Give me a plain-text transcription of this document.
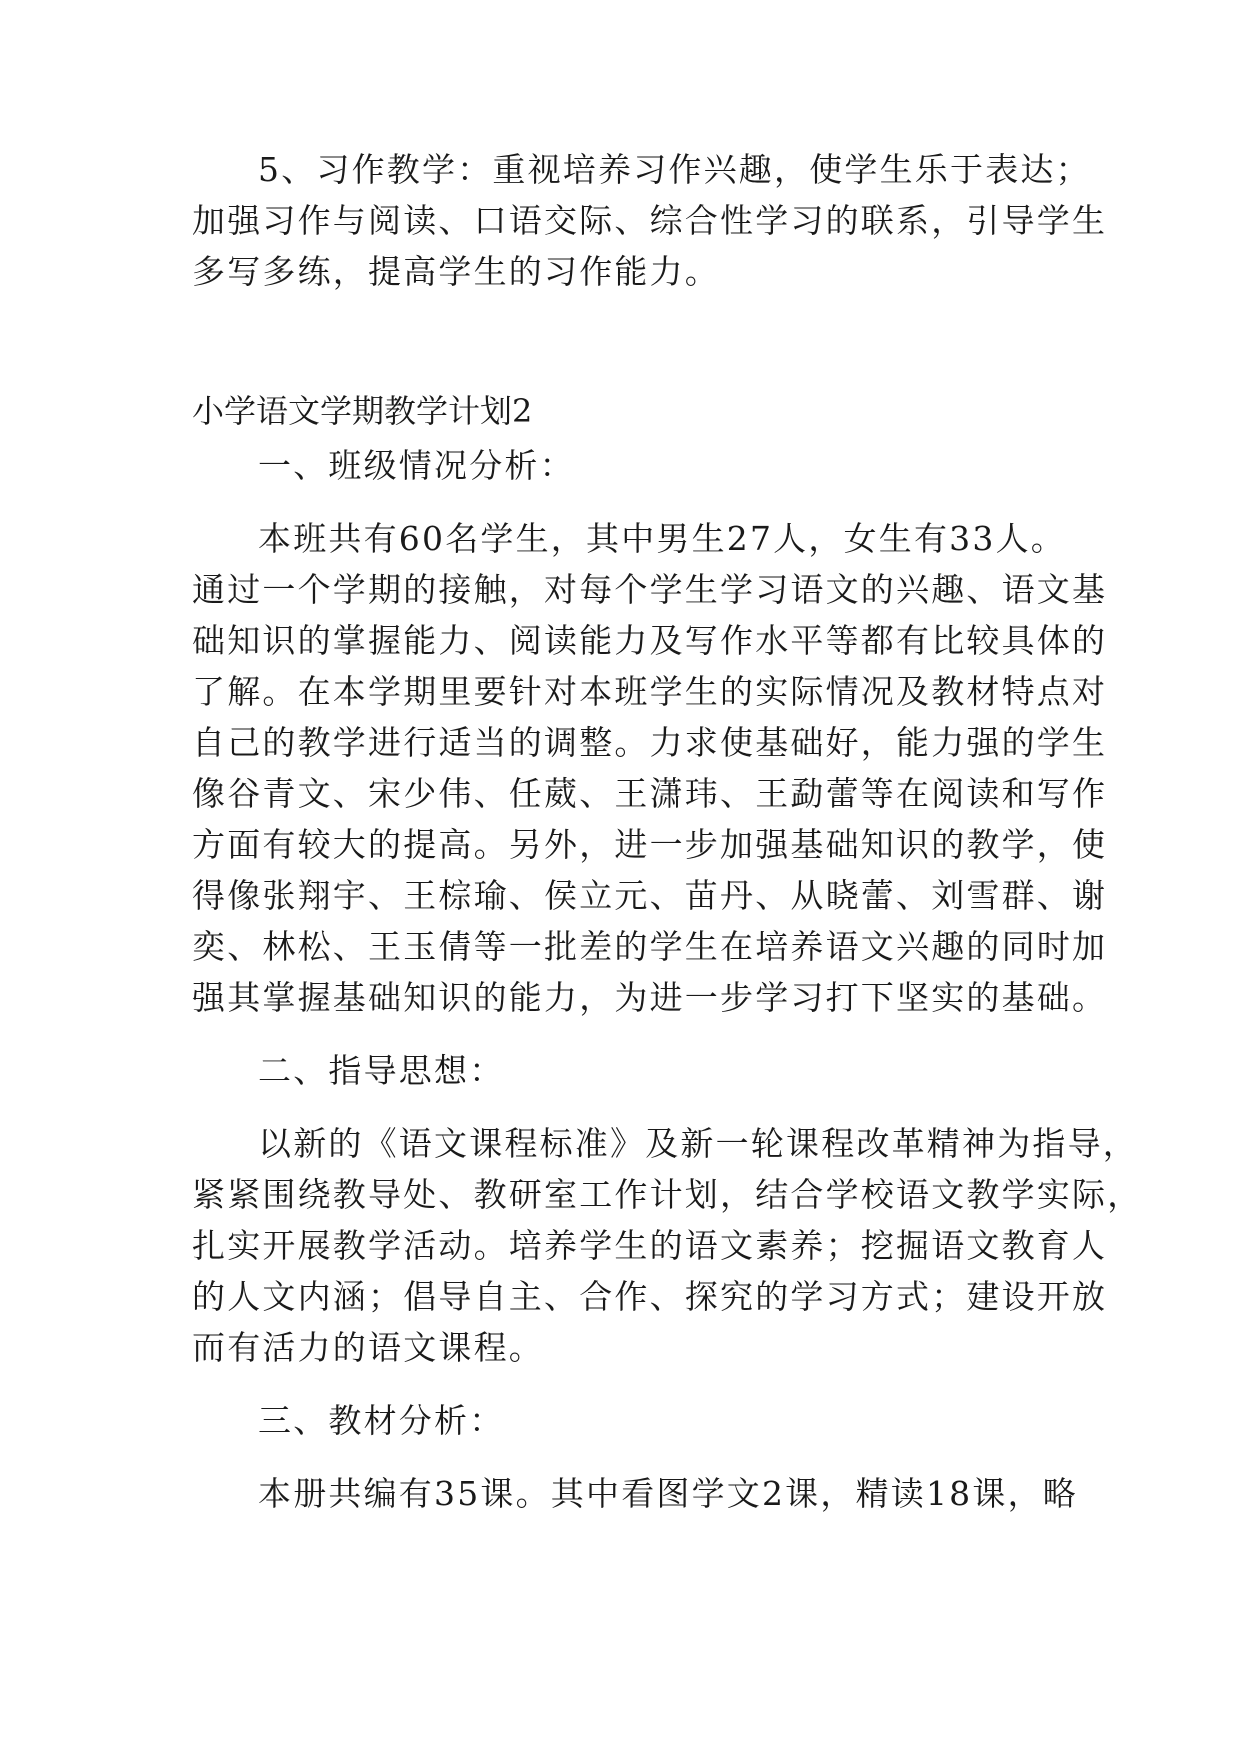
5、习作教学：重视培养习作兴趣，使学生乐于表达；
加强习作与阅读、口语交际、综合性学习的联系，引导学生
多写多练，提高学生的习作能力。
小学语文学期教学计划2
一、班级情况分析：
本班共有60名学生，其中男生27人，女生有33人。
通过一个学期的接触，对每个学生学习语文的兴趣、语文基
础知识的掌握能力、阅读能力及写作水平等都有比较具体的
了解。在本学期里要针对本班学生的实际情况及教材特点对
自己的教学进行适当的调整。力求使基础好，能力强的学生
像谷青文、宋少伟、任葳、王潇玮、王勐蕾等在阅读和写作
方面有较大的提高。另外，进一步加强基础知识的教学，使
得像张翔宇、王棕瑜、侯立元、苗丹、从晓蕾、刘雪群、谢
奕、林松、王玉倩等一批差的学生在培养语文兴趣的同时加
强其掌握基础知识的能力，为进一步学习打下坚实的基础。
二、指导思想：
以新的《语文课程标准》及新一轮课程改革精神为指导，
紧紧围绕教导处、教研室工作计划，结合学校语文教学实际，
扎实开展教学活动。培养学生的语文素养；挖掘语文教育人
的人文内涵；倡导自主、合作、探究的学习方式；建设开放
而有活力的语文课程。
三、教材分析：
本册共编有35课。其中看图学文2课，精读18课，略
